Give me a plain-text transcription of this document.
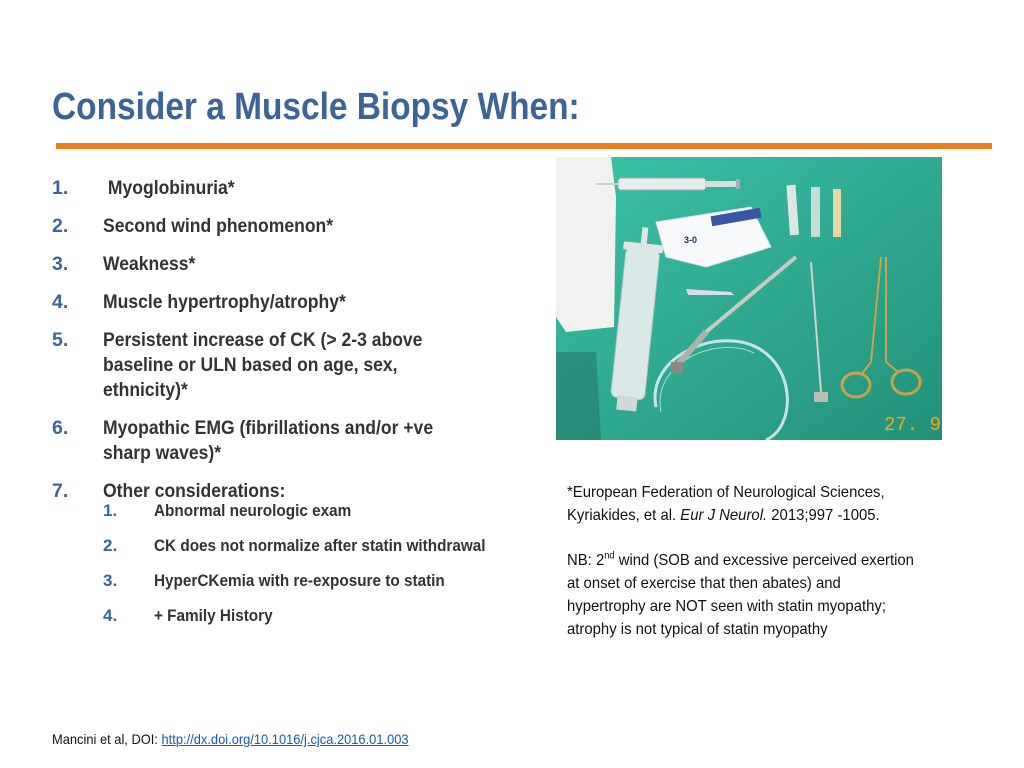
Consider a Muscle Biopsy When:
1.	Myoglobinuria*
2.	Second wind phenomenon*
3.	Weakness*
4.	Muscle hypertrophy/atrophy*
5.	Persistent increase of CK (> 2-3 above baseline or ULN based on age, sex, ethnicity)*
6.	Myopathic EMG (fibrillations and/or +ve sharp waves)*
7.	Other considerations:
1.	Abnormal neurologic exam
2.	CK does not normalize after statin withdrawal
3.	HyperCKemia with re-exposure to statin
4.	+ Family History
3-0
27. 9

*European Federation of Neurological Sciences,
Kyriakides, et al. Eur J Neurol. 2013;997 -1005.

NB: 2nd wind (SOB and excessive perceived exertion
at onset of exercise that then abates) and
hypertrophy are NOT seen with statin myopathy;
atrophy is not typical of statin myopathy

Mancini et al, DOI: http://dx.doi.org/10.1016/j.cjca.2016.01.003
